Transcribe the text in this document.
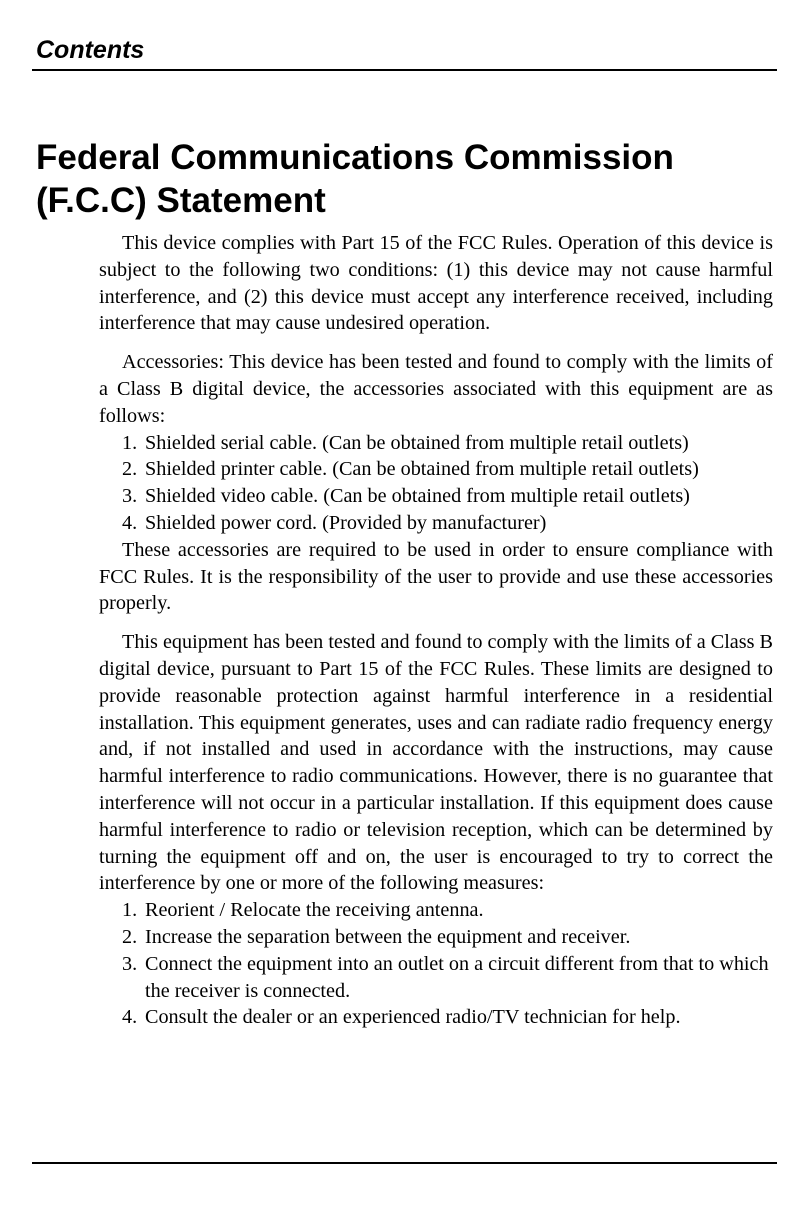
Contents
Federal Communications Commission
(F.C.C) Statement

This device complies with Part 15 of the FCC Rules. Operation of this device is subject to the following two conditions: (1) this device may not cause harmful interference, and (2) this device must accept any interference received, including interference that may cause undesired operation.

Accessories: This device has been tested and found to comply with the limits of a Class B digital device, the accessories associated with this equipment are as follows:

1. Shielded serial cable. (Can be obtained from multiple retail outlets)
2. Shielded printer cable. (Can be obtained from multiple retail outlets)
3. Shielded video cable. (Can be obtained from multiple retail outlets)
4. Shielded power cord. (Provided by manufacturer)

These accessories are required to be used in order to ensure compliance with FCC Rules. It is the responsibility of the user to provide and use these accessories properly.

This equipment has been tested and found to comply with the limits of a Class B digital device, pursuant to Part 15 of the FCC Rules. These limits are designed to provide reasonable protection against harmful interference in a residential installation. This equipment generates, uses and can radiate radio frequency energy and, if not installed and used in accordance with the instructions, may cause harmful interference to radio communications. However, there is no guarantee that interference will not occur in a particular installation. If this equipment does cause harmful interference to radio or television reception, which can be determined by turning the equipment off and on, the user is encouraged to try to correct the interference by one or more of the following measures:

1. Reorient / Relocate the receiving antenna.
2. Increase the separation between the equipment and receiver.
3. Connect the equipment into an outlet on a circuit different from that to which the receiver is connected.
4. Consult the dealer or an experienced radio/TV technician for help.
